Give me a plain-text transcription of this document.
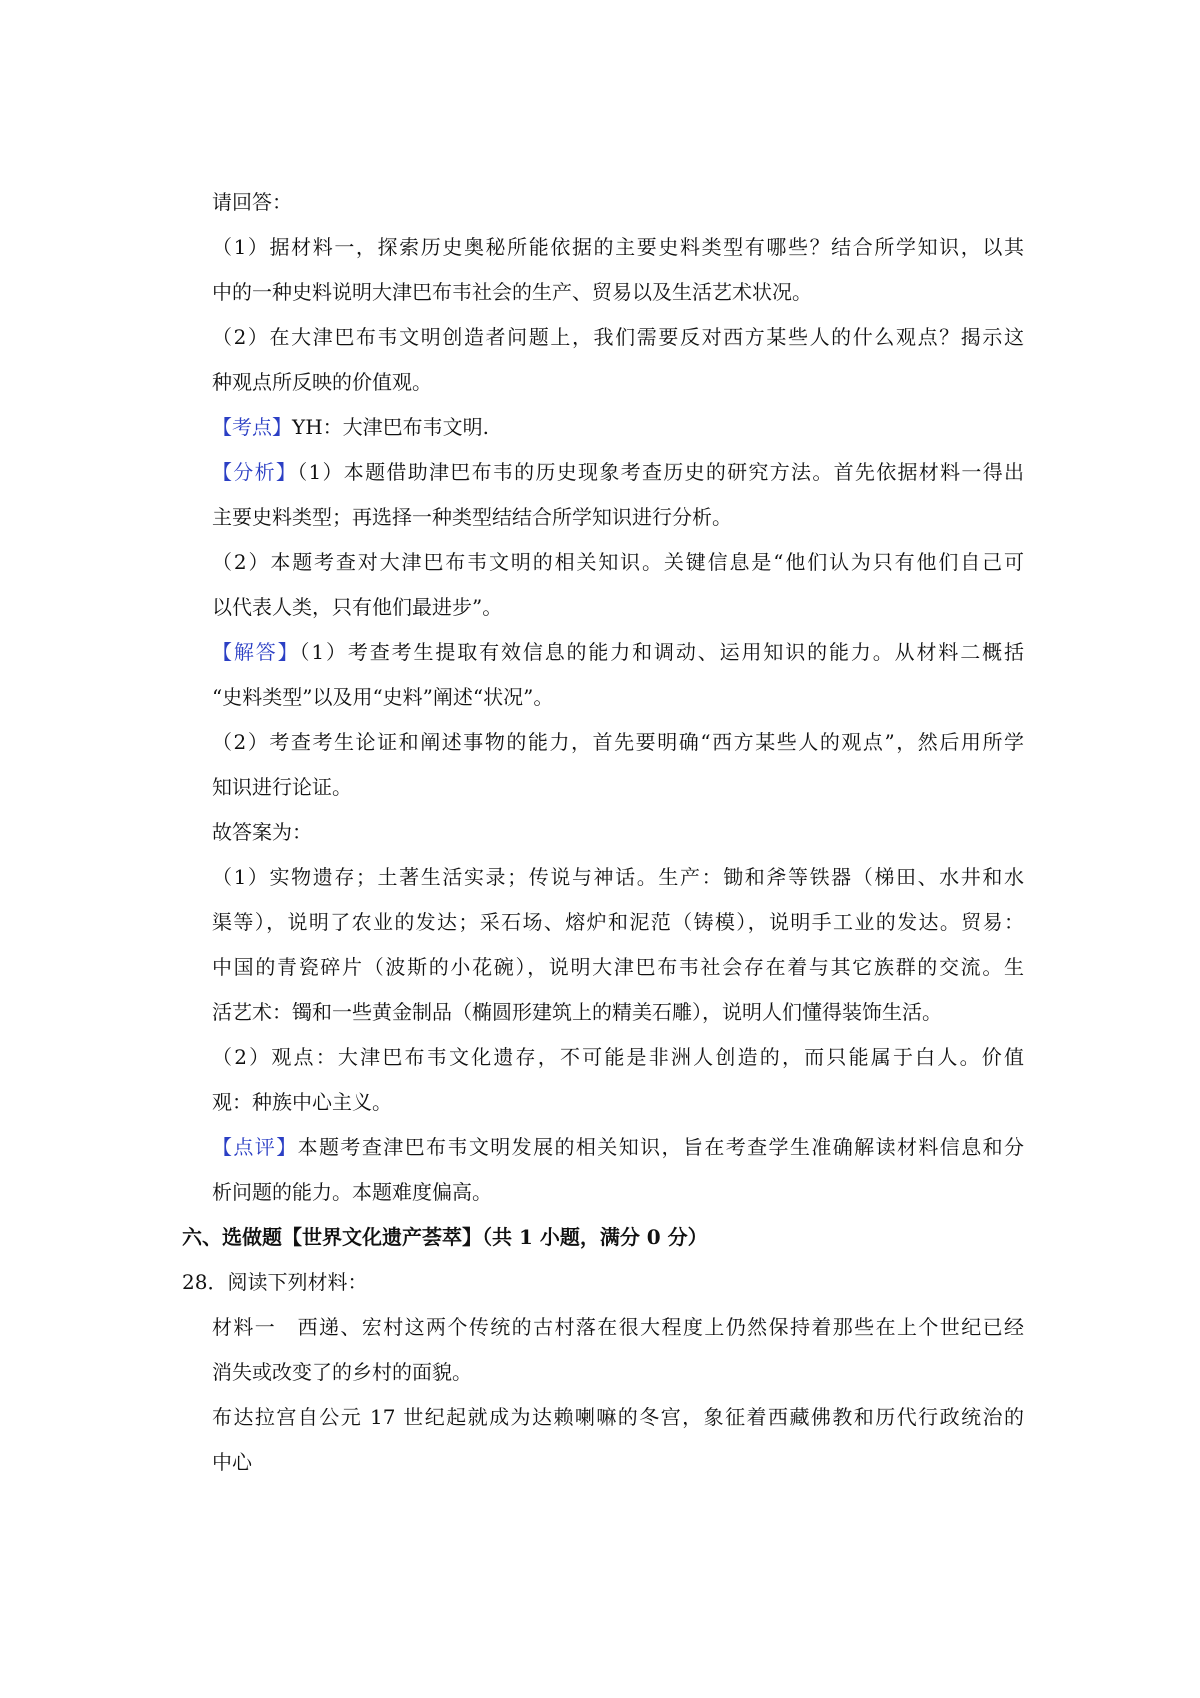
请回答：
（1）据材料一，探索历史奥秘所能依据的主要史料类型有哪些？结合所学知识，以其
中的一种史料说明大津巴布韦社会的生产、贸易以及生活艺术状况。
（2）在大津巴布韦文明创造者问题上，我们需要反对西方某些人的什么观点？揭示这
种观点所反映的价值观。
【考点】YH：大津巴布韦文明.
【分析】（1）本题借助津巴布韦的历史现象考查历史的研究方法。首先依据材料一得出
主要史料类型；再选择一种类型结结合所学知识进行分析。
（2）本题考查对大津巴布韦文明的相关知识。关键信息是“他们认为只有他们自己可
以代表人类，只有他们最进步”。
【解答】（1）考查考生提取有效信息的能力和调动、运用知识的能力。从材料二概括
“史料类型”以及用“史料”阐述“状况”。
（2）考查考生论证和阐述事物的能力，首先要明确“西方某些人的观点”，然后用所学
知识进行论证。
故答案为：
（1）实物遗存；土著生活实录；传说与神话。生产：锄和斧等铁器（梯田、水井和水
渠等），说明了农业的发达；采石场、熔炉和泥范（铸模），说明手工业的发达。贸易：
中国的青瓷碎片（波斯的小花碗），说明大津巴布韦社会存在着与其它族群的交流。生
活艺术：镯和一些黄金制品（椭圆形建筑上的精美石雕），说明人们懂得装饰生活。
（2）观点：大津巴布韦文化遗存，不可能是非洲人创造的，而只能属于白人。价值
观：种族中心主义。
【点评】本题考查津巴布韦文明发展的相关知识，旨在考查学生准确解读材料信息和分
析问题的能力。本题难度偏高。
六、选做题【世界文化遗产荟萃】（共 1 小题，满分 0 分）
28．阅读下列材料：
材料一　西递、宏村这两个传统的古村落在很大程度上仍然保持着那些在上个世纪已经
消失或改变了的乡村的面貌。
布达拉宫自公元 17 世纪起就成为达赖喇嘛的冬宫，象征着西藏佛教和历代行政统治的
中心
